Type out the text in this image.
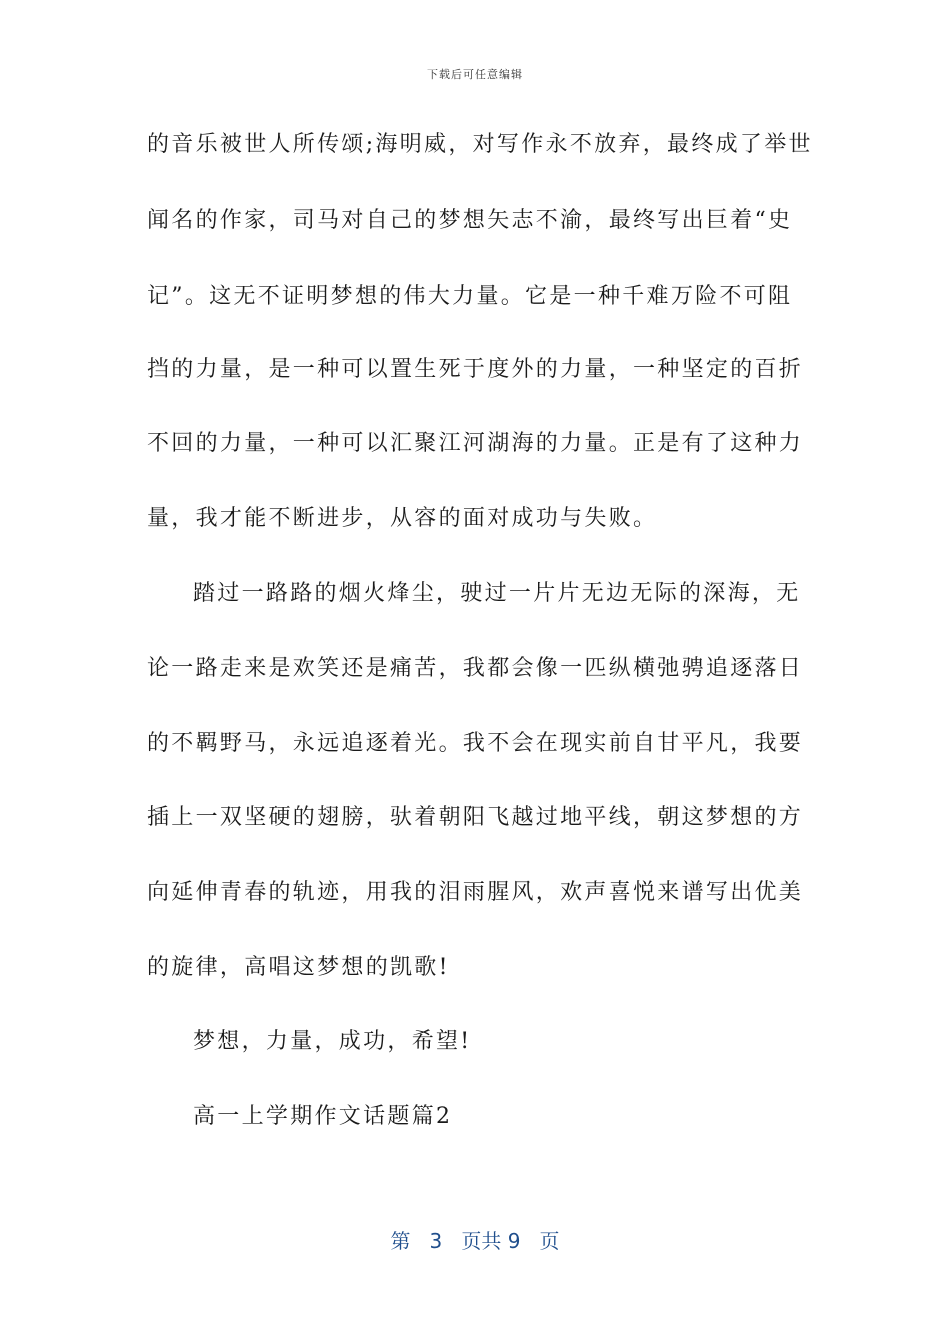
下载后可任意编辑
的音乐被世人所传颂;海明威，对写作永不放弃，最终成了举世
闻名的作家，司马对自己的梦想矢志不渝，最终写出巨着“史
记”。这无不证明梦想的伟大力量。它是一种千难万险不可阻
挡的力量，是一种可以置生死于度外的力量，一种坚定的百折
不回的力量，一种可以汇聚江河湖海的力量。正是有了这种力
量，我才能不断进步，从容的面对成功与失败。
踏过一路路的烟火烽尘，驶过一片片无边无际的深海，无
论一路走来是欢笑还是痛苦，我都会像一匹纵横弛骋追逐落日
的不羁野马，永远追逐着光。我不会在现实前自甘平凡，我要
插上一双坚硬的翅膀，驮着朝阳飞越过地平线，朝这梦想的方
向延伸青春的轨迹，用我的泪雨腥风，欢声喜悦来谱写出优美
的旋律，高唱这梦想的凯歌!
梦想，力量，成功，希望!
高一上学期作文话题篇2
第 3 页共 9 页
